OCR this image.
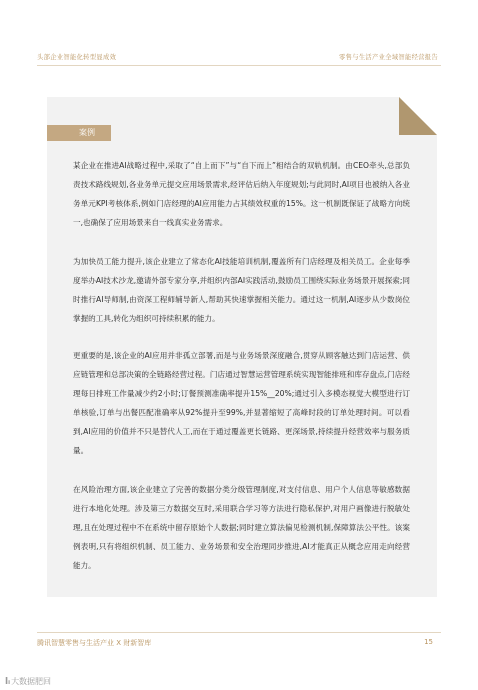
头部企业智能化转型显成效	零售与生活产业全域智能经营报告
案例

某企业在推进AI战略过程中,采取了“自上而下”与“自下而上”相结合的双轨机制。由CEO牵头,总部负责技术路线规划,各业务单元提交应用场景需求,经评估后纳入年度规划;与此同时,AI项目也被纳入各业务单元KPI考核体系,例如门店经理的AI应用能力占其绩效权重的15%。这一机制既保证了战略方向统一,也确保了应用场景来自一线真实业务需求。

为加快员工能力提升,该企业建立了常态化AI技能培训机制,覆盖所有门店经理及相关员工。企业每季度举办AI技术沙龙,邀请外部专家分享,并组织内部AI实践活动,鼓励员工围绕实际业务场景开展探索;同时推行AI导师制,由资深工程师辅导新人,帮助其快速掌握相关能力。通过这一机制,AI逐步从少数岗位掌握的工具,转化为组织可持续积累的能力。

更重要的是,该企业的AI应用并非孤立部署,而是与业务场景深度融合,贯穿从顾客触达到门店运营、供应链管理和总部决策的全链路经营过程。门店通过智慧运营管理系统实现智能排班和库存盘点,门店经理每日排班工作量减少约2小时;订餐预测准确率提升15%__20%;通过引入多模态视觉大模型进行订单核验,订单与出餐匹配准确率从92%提升至99%,并显著缩短了高峰时段的订单处理时间。可以看到,AI应用的价值并不只是替代人工,而在于通过覆盖更长链路、更深场景,持续提升经营效率与服务质量。

在风险治理方面,该企业建立了完善的数据分类分级管理制度,对支付信息、用户个人信息等敏感数据进行本地化处理。涉及第三方数据交互时,采用联合学习等方法进行隐私保护,对用户画像进行脱敏处理,且在处理过程中不在系统中留存原始个人数据;同时建立算法偏见检测机制,保障算法公平性。该案例表明,只有将组织机制、员工能力、业务场景和安全治理同步推进,AI才能真正从概念应用走向经营能力。

腾讯智慧零售与生活产业 X 财新智库	15
lᵢ大数据肥回
